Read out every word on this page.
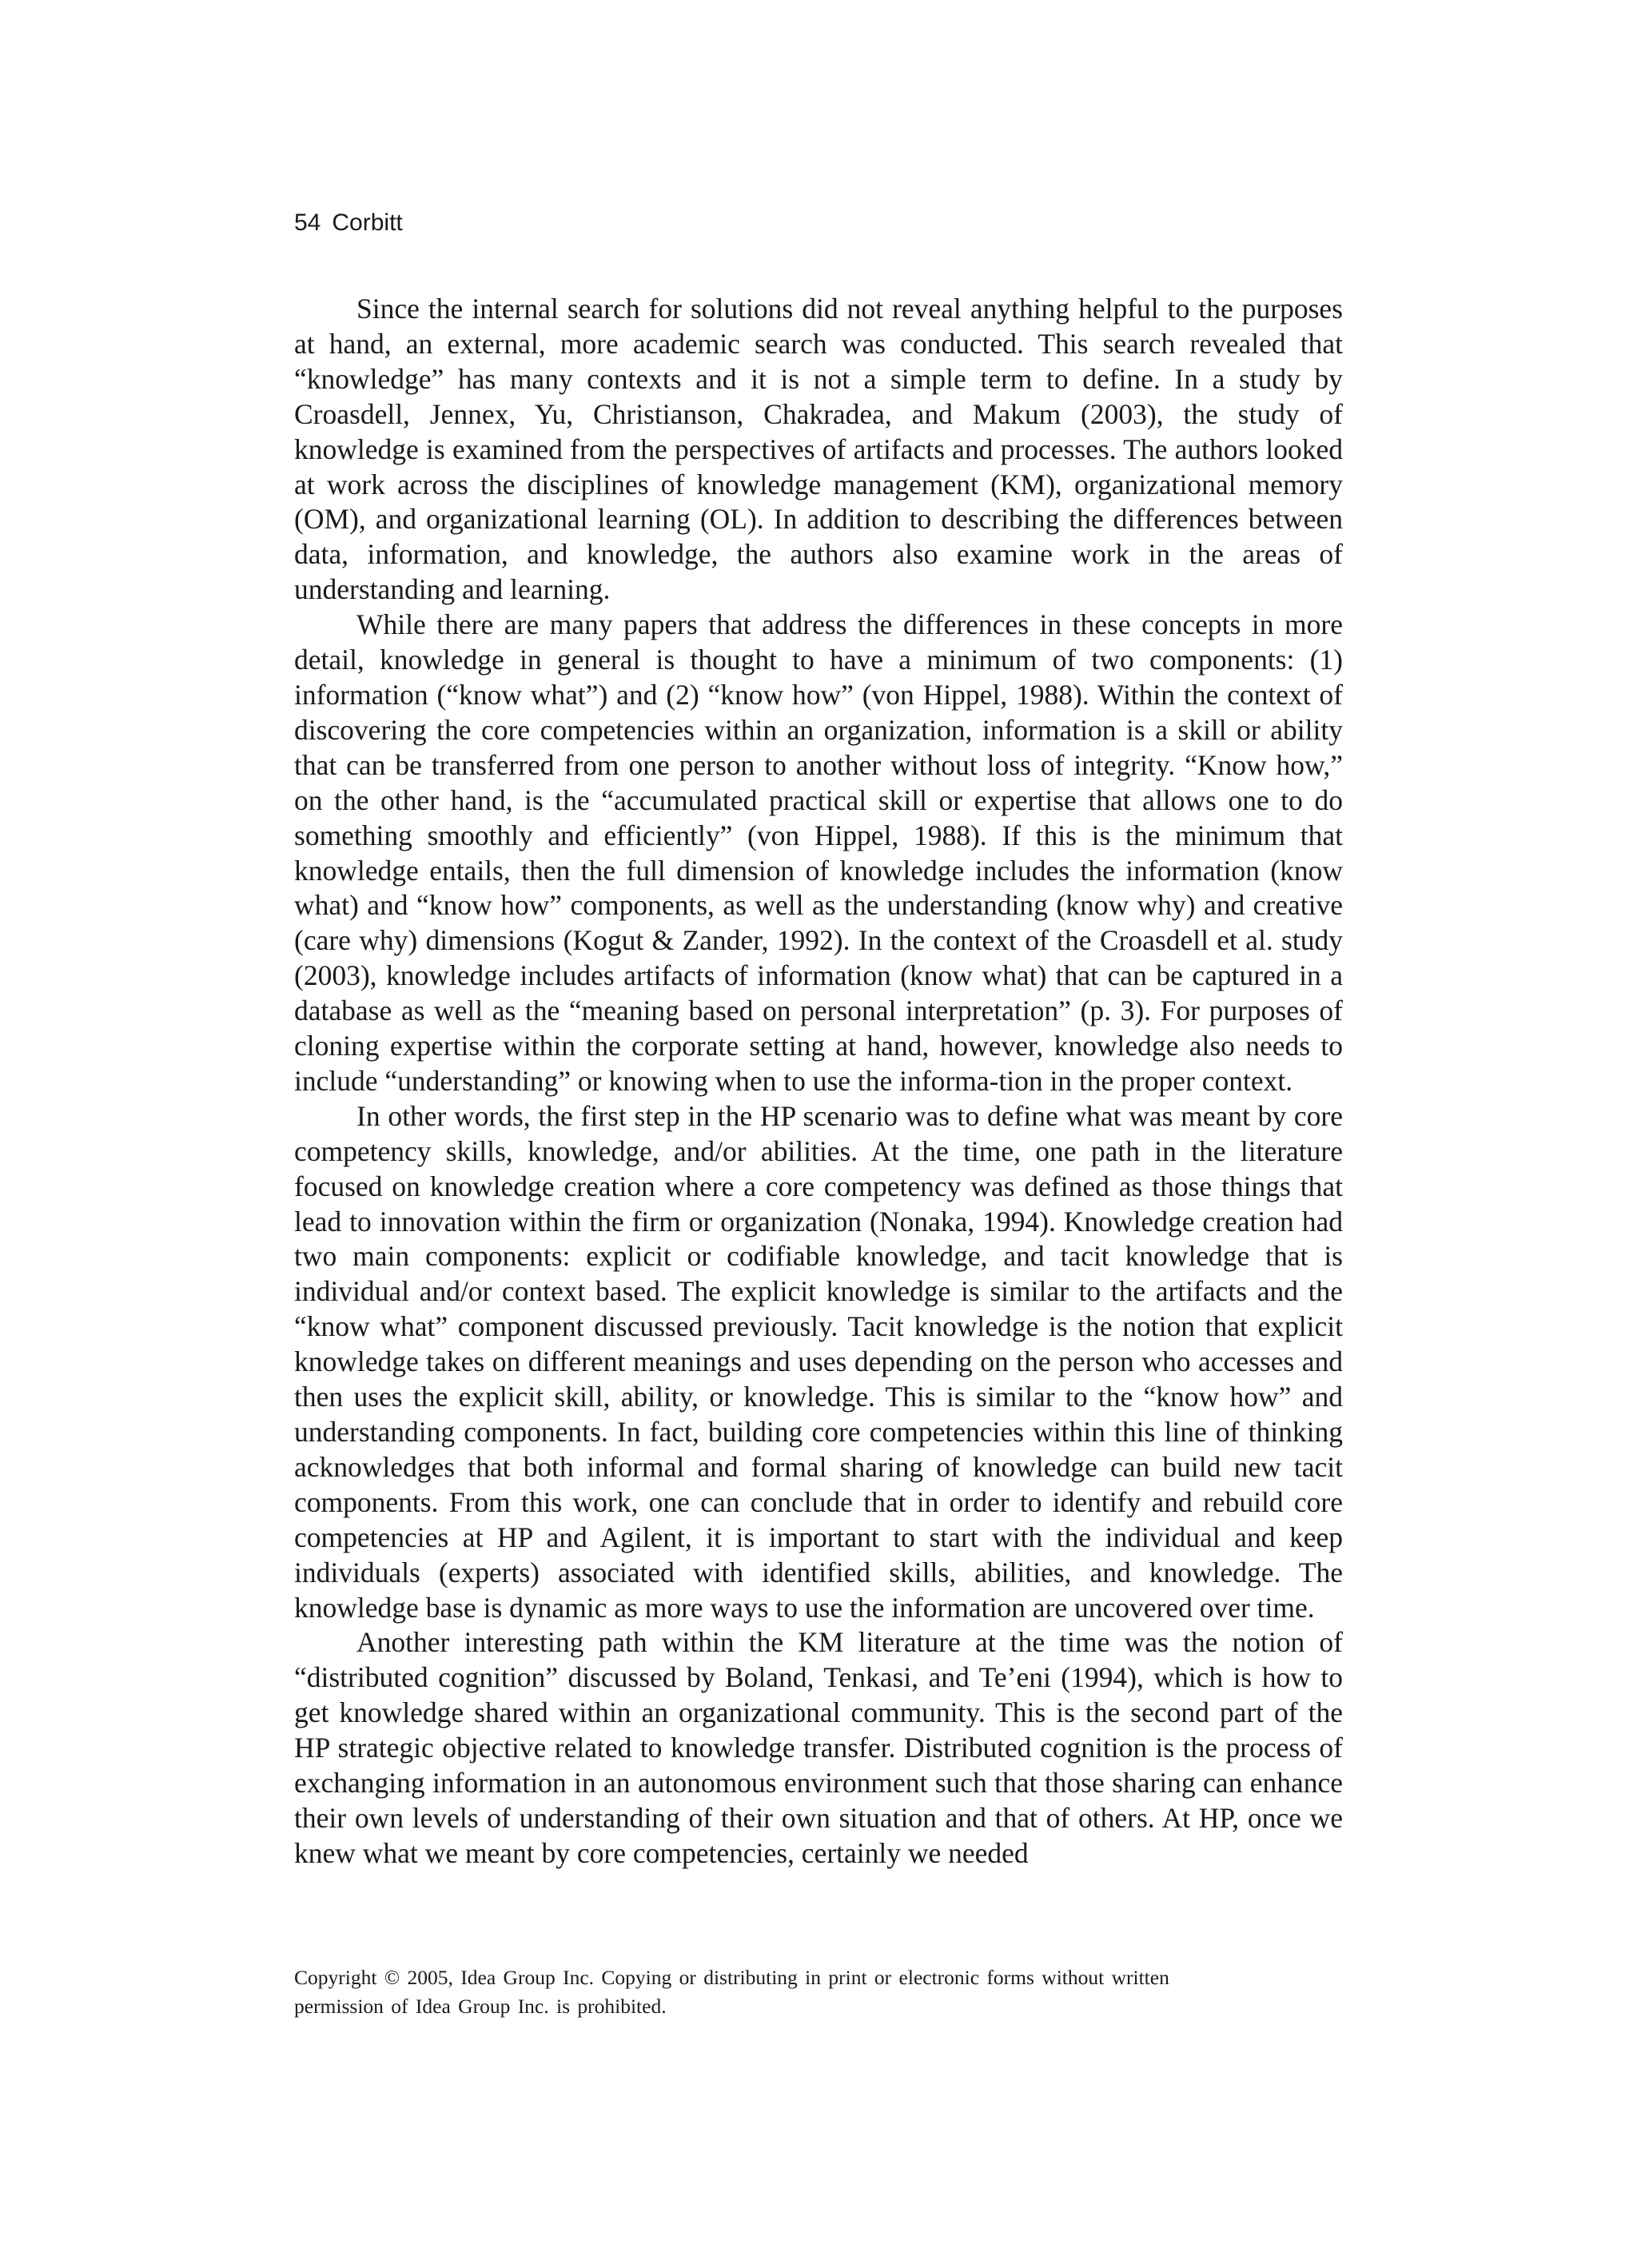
54 Corbitt

Since the internal search for solutions did not reveal anything helpful to the purposes at hand, an external, more academic search was conducted. This search revealed that “knowledge” has many contexts and it is not a simple term to define. In a study by Croasdell, Jennex, Yu, Christianson, Chakradea, and Makum (2003), the study of knowledge is examined from the perspectives of artifacts and processes. The authors looked at work across the disciplines of knowledge management (KM), organizational memory (OM), and organizational learning (OL). In addition to describing the differences between data, information, and knowledge, the authors also examine work in the areas of understanding and learning.

While there are many papers that address the differences in these concepts in more detail, knowledge in general is thought to have a minimum of two components: (1) information (“know what”) and (2) “know how” (von Hippel, 1988). Within the context of discovering the core competencies within an organization, information is a skill or ability that can be transferred from one person to another without loss of integrity. “Know how,” on the other hand, is the “accumulated practical skill or expertise that allows one to do something smoothly and efficiently” (von Hippel, 1988). If this is the minimum that knowledge entails, then the full dimension of knowledge includes the information (know what) and “know how” components, as well as the understanding (know why) and creative (care why) dimensions (Kogut & Zander, 1992). In the context of the Croasdell et al. study (2003), knowledge includes artifacts of information (know what) that can be captured in a database as well as the “meaning based on personal interpretation” (p. 3). For purposes of cloning expertise within the corporate setting at hand, however, knowledge also needs to include “understanding” or knowing when to use the informa-tion in the proper context.

In other words, the first step in the HP scenario was to define what was meant by core competency skills, knowledge, and/or abilities. At the time, one path in the literature focused on knowledge creation where a core competency was defined as those things that lead to innovation within the firm or organization (Nonaka, 1994). Knowledge creation had two main components: explicit or codifiable knowledge, and tacit knowledge that is individual and/or context based. The explicit knowledge is similar to the artifacts and the “know what” component discussed previously. Tacit knowledge is the notion that explicit knowledge takes on different meanings and uses depending on the person who accesses and then uses the explicit skill, ability, or knowledge. This is similar to the “know how” and understanding components. In fact, building core competencies within this line of thinking acknowledges that both informal and formal sharing of knowledge can build new tacit components. From this work, one can conclude that in order to identify and rebuild core competencies at HP and Agilent, it is important to start with the individual and keep individuals (experts) associated with identified skills, abilities, and knowledge. The knowledge base is dynamic as more ways to use the information are uncovered over time.

Another interesting path within the KM literature at the time was the notion of “distributed cognition” discussed by Boland, Tenkasi, and Te’eni (1994), which is how to get knowledge shared within an organizational community. This is the second part of the HP strategic objective related to knowledge transfer. Distributed cognition is the process of exchanging information in an autonomous environment such that those sharing can enhance their own levels of understanding of their own situation and that of others. At HP, once we knew what we meant by core competencies, certainly we needed

Copyright © 2005, Idea Group Inc. Copying or distributing in print or electronic forms without written
permission of Idea Group Inc. is prohibited.
